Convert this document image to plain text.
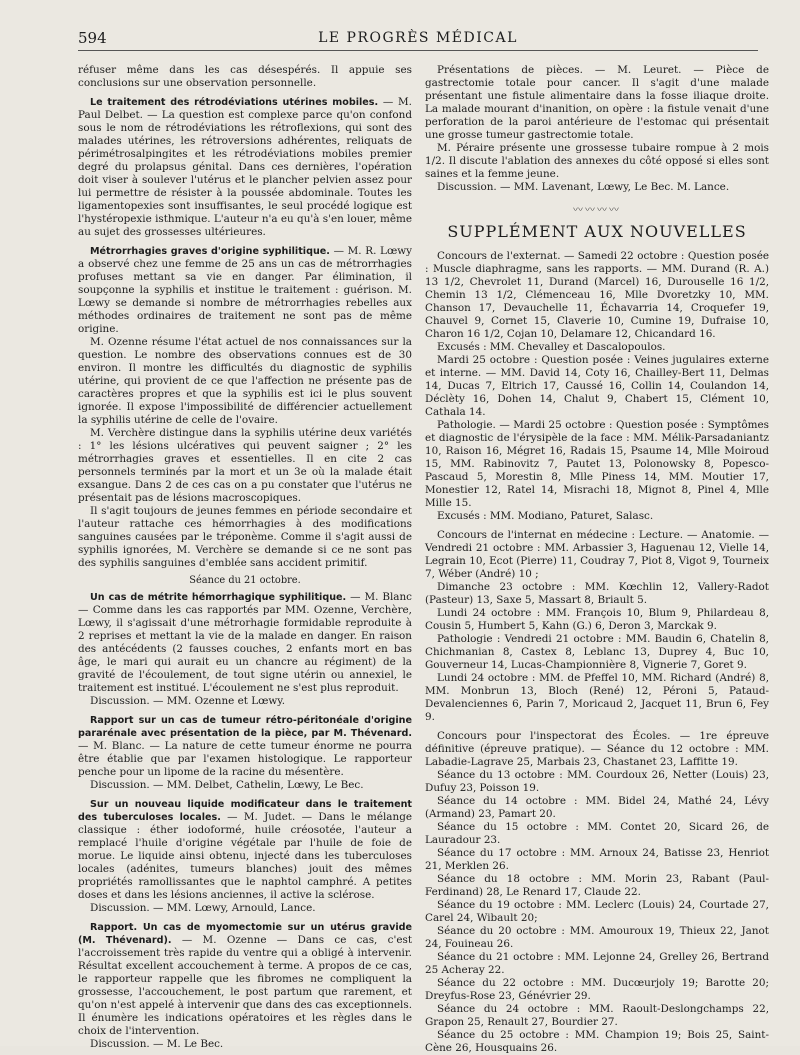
594	LE PROGRÈS MÉDICAL

réfuser même dans les cas désespérés. Il appuie ses conclusions sur une observation personnelle.

Le traitement des rétrodéviations utérines mobiles. — M. Paul Delbet. — La question est complexe parce qu'on confond sous le nom de rétrodéviations les rétroflexions, qui sont des malades utérines, les rétroversions adhérentes, reliquats de périmétrosalpingites et les rétrodéviations mobiles premier degré du prolapsus génital. Dans ces dernières, l'opération doit viser à soulever l'utérus et le plancher pelvien assez pour lui permettre de résister à la poussée abdominale. Toutes les ligamentopexies sont insuffisantes, le seul procédé logique est l'hystéropexie isthmique. L'auteur n'a eu qu'à s'en louer, même au sujet des grossesses ultérieures.

Métrorrhagies graves d'origine syphilitique. — M. R. Lœwy a observé chez une femme de 25 ans un cas de métrorrhagies profuses mettant sa vie en danger. Par élimination, il soupçonne la syphilis et institue le traitement : guérison. M. Lœwy se demande si nombre de métrorrhagies rebelles aux méthodes ordinaires de traitement ne sont pas de même origine.

M. Ozenne résume l'état actuel de nos connaissances sur la question. Le nombre des observations connues est de 30 environ. Il montre les difficultés du diagnostic de syphilis utérine, qui provient de ce que l'affection ne présente pas de caractères propres et que la syphilis est ici le plus souvent ignorée. Il expose l'impossibilité de différencier actuellement la syphilis utérine de celle de l'ovaire.

M. Verchère distingue dans la syphilis utérine deux variétés : 1° les lésions ulcératives qui peuvent saigner ; 2° les métrorrhagies graves et essentielles. Il en cite 2 cas personnels terminés par la mort et un 3e où la malade était exsangue. Dans 2 de ces cas on a pu constater que l'utérus ne présentait pas de lésions macroscopiques.

Il s'agit toujours de jeunes femmes en période secondaire et l'auteur rattache ces hémorrhagies à des modifications sanguines causées par le tréponème. Comme il s'agit aussi de syphilis ignorées, M. Verchère se demande si ce ne sont pas des syphilis sanguines d'emblée sans accident primitif.

Séance du 21 octobre.

Un cas de métrite hémorrhagique syphilitique. — M. Blanc — Comme dans les cas rapportés par MM. Ozenne, Verchère, Lœwy, il s'agissait d'une métrorhagie formidable reproduite à 2 reprises et mettant la vie de la malade en danger. En raison des antécédents (2 fausses couches, 2 enfants mort en bas âge, le mari qui aurait eu un chancre au régiment) de la gravité de l'écoulement, de tout signe utérin ou annexiel, le traitement est institué. L'écoulement ne s'est plus reproduit.

Discussion. — MM. Ozenne et Lœwy.

Rapport sur un cas de tumeur rétro-péritonéale d'origine pararénale avec présentation de la pièce, par M. Thévenard. — M. Blanc. — La nature de cette tumeur énorme ne pourra être établie que par l'examen histologique. Le rapporteur penche pour un lipome de la racine du mésentère.

Discussion. — MM. Delbet, Cathelin, Lœwy, Le Bec.

Sur un nouveau liquide modificateur dans le traitement des tuberculoses locales. — M. Judet. — Dans le mélange classique : éther iodoformé, huile créosotée, l'auteur a remplacé l'huile d'origine végétale par l'huile de foie de morue. Le liquide ainsi obtenu, injecté dans les tuberculoses locales (adénites, tumeurs blanches) jouit des mêmes propriétés ramollissantes que le naphtol camphré. A petites doses et dans les lésions anciennes, il active la sclérose.

Discussion. — MM. Lœwy, Arnould, Lance.

Rapport. Un cas de myomectomie sur un utérus gravide (M. Thévenard). — M. Ozenne — Dans ce cas, c'est l'accroissement très rapide du ventre qui a obligé à intervenir. Résultat excellent accouchement à terme. A propos de ce cas, le rapporteur rappelle que les fibromes ne compliquent la grossesse, l'accouchement, le post partum que rarement, et qu'on n'est appelé à intervenir que dans des cas exceptionnels. Il énumère les indications opératoires et les règles dans le choix de l'intervention.

Discussion. — M. Le Bec.

Présentations de pièces. — M. Leuret. — Pièce de gastrectomie totale pour cancer. Il s'agit d'une malade présentant une fistule alimentaire dans la fosse iliaque droite. La malade mourant d'inanition, on opère : la fistule venait d'une perforation de la paroi antérieure de l'estomac qui présentait une grosse tumeur gastrectomie totale.

M. Péraire présente une grossesse tubaire rompue à 2 mois 1/2. Il discute l'ablation des annexes du côté opposé si elles sont saines et la femme jeune.

Discussion. — MM. Lavenant, Lœwy, Le Bec. M. Lance.

〰〰〰〰
SUPPLÉMENT AUX NOUVELLES

Concours de l'externat. — Samedi 22 octobre : Question posée : Muscle diaphragme, sans les rapports. — MM. Durand (R. A.) 13 1/2, Chevrolet 11, Durand (Marcel) 16, Durouselle 16 1/2, Chemin 13 1/2, Clémenceau 16, Mlle Dvoretzky 10, MM. Chanson 17, Devauchelle 11, Échavarria 14, Croquefer 19, Chauvel 9, Cornet 15, Claverie 10, Cumine 19, Dufraise 10, Charon 16 1/2, Cojan 10, Delamare 12, Chicandard 16.

Excusés : MM. Chevalley et Dascalopoulos.

Mardi 25 octobre : Question posée : Veines jugulaires externe et interne. — MM. David 14, Coty 16, Chailley-Bert 11, Delmas 14, Ducas 7, Eltrich 17, Caussé 16, Collin 14, Coulandon 14, Déclèty 16, Dohen 14, Chalut 9, Chabert 15, Clément 10, Cathala 14.

Pathologie. — Mardi 25 octobre : Question posée : Symptômes et diagnostic de l'érysipèle de la face : MM. Mélik-Parsadaniantz 10, Raison 16, Mégret 16, Radais 15, Psaume 14, Mlle Moiroud 15, MM. Rabinovitz 7, Pautet 13, Polonowsky 8, Popesco-Pascaud 5, Morestin 8, Mlle Piness 14, MM. Moutier 17, Monestier 12, Ratel 14, Misrachi 18, Mignot 8, Pinel 4, Mlle Mille 15.

Excusés : MM. Modiano, Paturet, Salasc.

Concours de l'internat en médecine : Lecture. — Anatomie. — Vendredi 21 octobre : MM. Arbassier 3, Haguenau 12, Vielle 14, Legrain 10, Ecot (Pierre) 11, Coudray 7, Piot 8, Vigot 9, Tourneix 7, Wéber (André) 10 ;

Dimanche 23 octobre : MM. Kœchlin 12, Vallery-Radot (Pasteur) 13, Saxe 5, Massart 8, Briault 5.

Lundi 24 octobre : MM. François 10, Blum 9, Philardeau 8, Cousin 5, Humbert 5, Kahn (G.) 6, Deron 3, Marckak 9.

Pathologie : Vendredi 21 octobre : MM. Baudin 6, Chatelin 8, Chichmanian 8, Castex 8, Leblanc 13, Duprey 4, Buc 10, Gouverneur 14, Lucas-Championnière 8, Vignerie 7, Goret 9.

Lundi 24 octobre : MM. de Pfeffel 10, MM. Richard (André) 8, MM. Monbrun 13, Bloch (René) 12, Péroni 5, Pataud-Devalenciennes 6, Parin 7, Moricaud 2, Jacquet 11, Brun 6, Fey 9.

Concours pour l'inspectorat des Écoles. — 1re épreuve définitive (épreuve pratique). — Séance du 12 octobre : MM. Labadie-Lagrave 25, Marbais 23, Chastanet 23, Laffitte 19.

Séance du 13 octobre : MM. Courdoux 26, Netter (Louis) 23, Dufuy 23, Poisson 19.

Séance du 14 octobre : MM. Bidel 24, Mathé 24, Lévy (Armand) 23, Pamart 20.

Séance du 15 octobre : MM. Contet 20, Sicard 26, de Lauradour 23.

Séance du 17 octobre : MM. Arnoux 24, Batisse 23, Henriot 21, Merklen 26.

Séance du 18 octobre : MM. Morin 23, Rabant (Paul-Ferdinand) 28, Le Renard 17, Claude 22.

Séance du 19 octobre : MM. Leclerc (Louis) 24, Courtade 27, Carel 24, Wibault 20;

Séance du 20 octobre : MM. Amouroux 19, Thieux 22, Janot 24, Fouineau 26.

Séance du 21 octobre : MM. Lejonne 24, Grelley 26, Bertrand 25 Acheray 22.

Séance du 22 octobre : MM. Ducœurjoly 19; Barotte 20; Dreyfus-Rose 23, Génévrier 29.

Séance du 24 octobre : MM. Raoult-Deslongchamps 22, Grapon 25, Renault 27, Bourdier 27.

Séance du 25 octobre : MM. Champion 19; Bois 25, Saint-Cène 26, Housquains 26.
